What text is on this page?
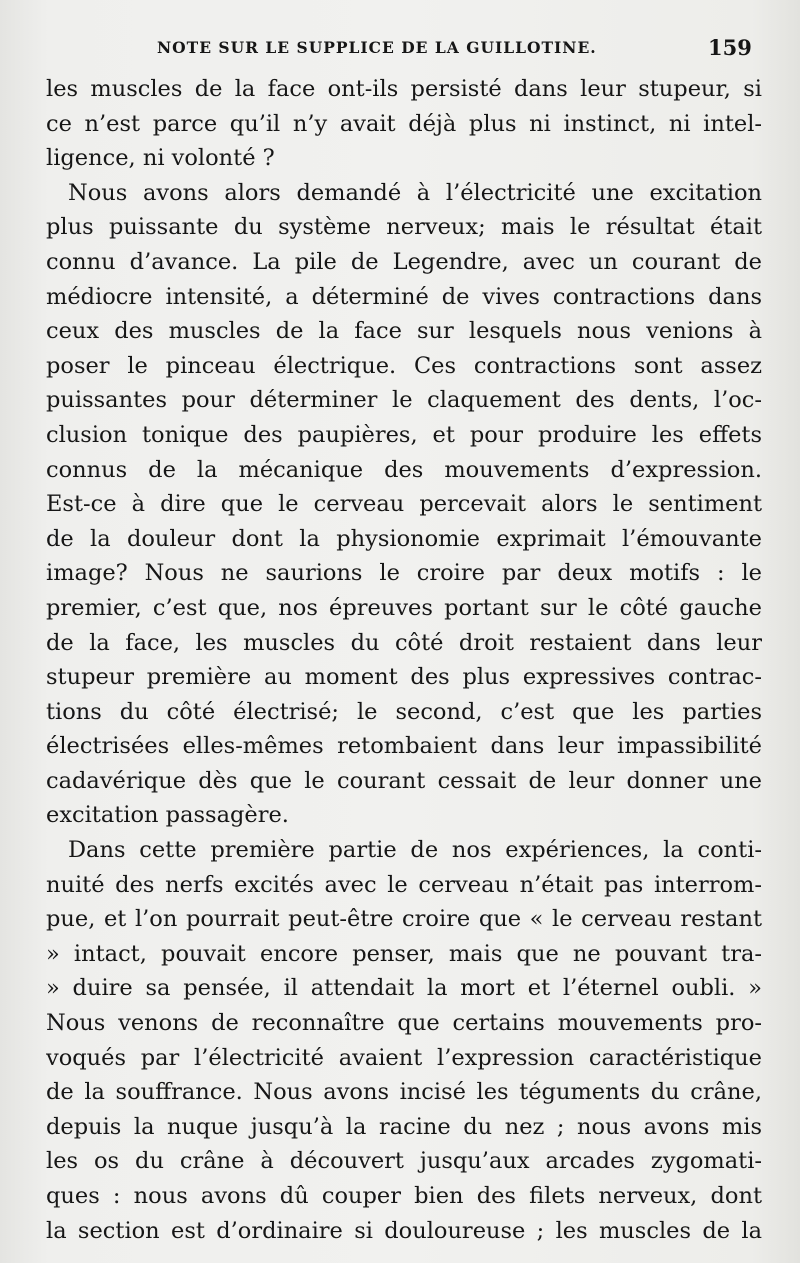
NOTE SUR LE SUPPLICE DE LA GUILLOTINE.	159
les muscles de la face ont-ils persisté dans leur stupeur, si
ce n’est parce qu’il n’y avait déjà plus ni instinct, ni intel-
ligence, ni volonté ?
Nous avons alors demandé à l’électricité une excitation
plus puissante du système nerveux; mais le résultat était
connu d’avance. La pile de Legendre, avec un courant de
médiocre intensité, a déterminé de vives contractions dans
ceux des muscles de la face sur lesquels nous venions à
poser le pinceau électrique. Ces contractions sont assez
puissantes pour déterminer le claquement des dents, l’oc-
clusion tonique des paupières, et pour produire les effets
connus de la mécanique des mouvements d’expression.
Est-ce à dire que le cerveau percevait alors le sentiment
de la douleur dont la physionomie exprimait l’émouvante
image? Nous ne saurions le croire par deux motifs : le
premier, c’est que, nos épreuves portant sur le côté gauche
de la face, les muscles du côté droit restaient dans leur
stupeur première au moment des plus expressives contrac-
tions du côté électrisé; le second, c’est que les parties
électrisées elles-mêmes retombaient dans leur impassibilité
cadavérique dès que le courant cessait de leur donner une
excitation passagère.
Dans cette première partie de nos expériences, la conti-
nuité des nerfs excités avec le cerveau n’était pas interrom-
pue, et l’on pourrait peut-être croire que « le cerveau restant
» intact, pouvait encore penser, mais que ne pouvant tra-
» duire sa pensée, il attendait la mort et l’éternel oubli. »
Nous venons de reconnaître que certains mouvements pro-
voqués par l’électricité avaient l’expression caractéristique
de la souffrance. Nous avons incisé les téguments du crâne,
depuis la nuque jusqu’à la racine du nez ; nous avons mis
les os du crâne à découvert jusqu’aux arcades zygomati-
ques : nous avons dû couper bien des filets nerveux, dont
la section est d’ordinaire si douloureuse ; les muscles de la
